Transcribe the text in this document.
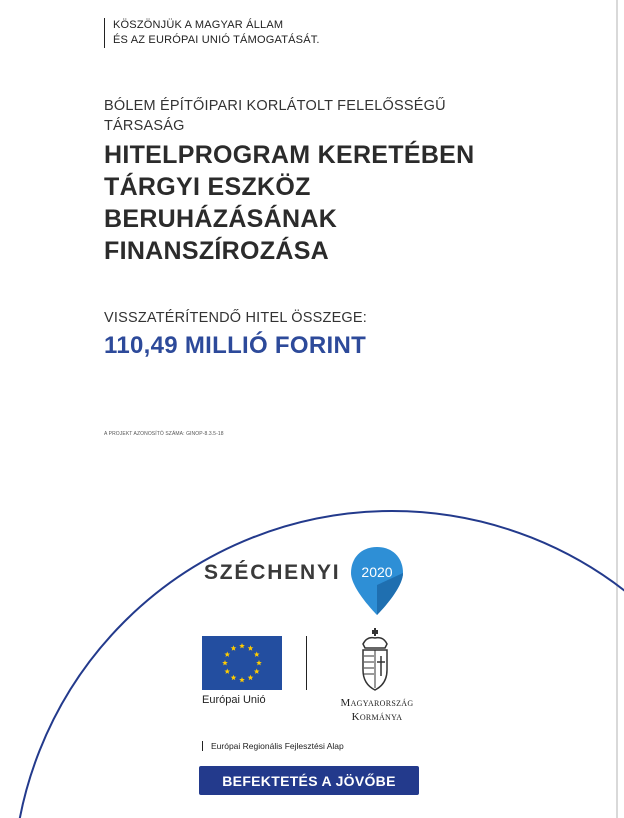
KÖSZÖNJÜK A MAGYAR ÁLLAM
ÉS AZ EURÓPAI UNIÓ TÁMOGATÁSÁT.
BÓLEM ÉPÍTŐIPARI KORLÁTOLT FELELŐSSÉGŰ
TÁRSASÁG
HITELPROGRAM KERETÉBEN
TÁRGYI ESZKÖZ
BERUHÁZÁSÁNAK
FINANSZÍROZÁSA
VISSZATÉRÍTENDŐ HITEL ÖSSZEGE:
110,49 MILLIÓ FORINT
A PROJEKT AZONOSÍTÓ SZÁMA: GINOP-8.3.5-18
SZÉCHENYI 2020
Európai Unió	Magyarország
Kormánya
Európai Regionális Fejlesztési Alap
BEFEKTETÉS A JÖVŐBE
